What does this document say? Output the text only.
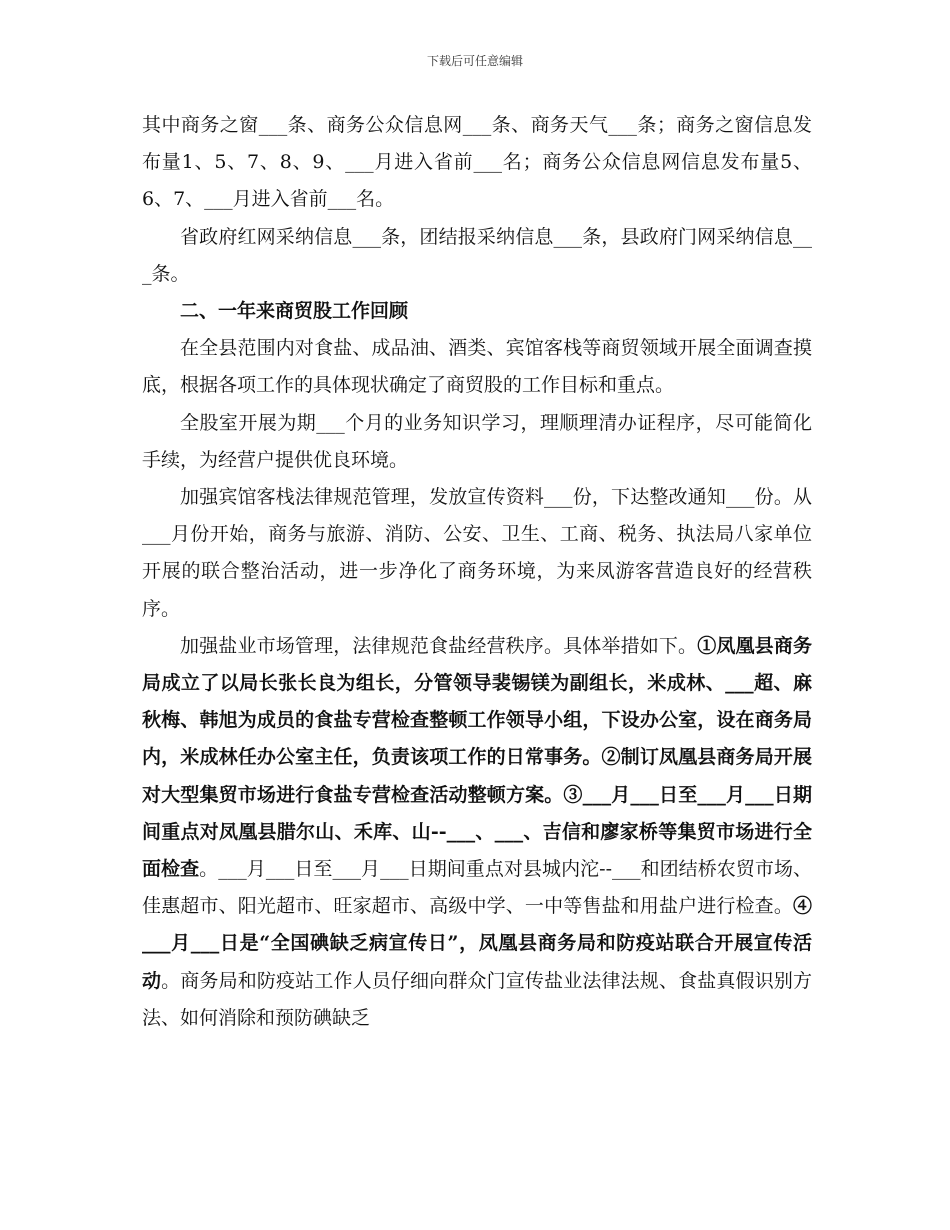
下载后可任意编辑

其中商务之窗___条、商务公众信息网___条、商务天气___条；商务之窗信息发布量1、5、7、8、9、___月进入省前___名；商务公众信息网信息发布量5、6、7、___月进入省前___名。

省政府红网采纳信息___条，团结报采纳信息___条，县政府门网采纳信息___条。

二、一年来商贸股工作回顾

在全县范围内对食盐、成品油、酒类、宾馆客栈等商贸领域开展全面调查摸底，根据各项工作的具体现状确定了商贸股的工作目标和重点。

全股室开展为期___个月的业务知识学习，理顺理清办证程序，尽可能简化手续，为经营户提供优良环境。

加强宾馆客栈法律规范管理，发放宣传资料___份，下达整改通知___份。从___月份开始，商务与旅游、消防、公安、卫生、工商、税务、执法局八家单位开展的联合整治活动，进一步净化了商务环境，为来凤游客营造良好的经营秩序。

加强盐业市场管理，法律规范食盐经营秩序。具体举措如下。①凤凰县商务局成立了以局长张长良为组长，分管领导裴锡镁为副组长，米成林、___超、麻秋梅、韩旭为成员的食盐专营检查整顿工作领导小组，下设办公室，设在商务局内，米成林任办公室主任，负责该项工作的日常事务。②制订凤凰县商务局开展对大型集贸市场进行食盐专营检查活动整顿方案。③___月___日至___月___日期间重点对凤凰县腊尔山、禾库、山--___、___、吉信和廖家桥等集贸市场进行全面检查。___月___日至___月___日期间重点对县城内沱--___和团结桥农贸市场、佳惠超市、阳光超市、旺家超市、高级中学、一中等售盐和用盐户进行检查。④___月___日是“全国碘缺乏病宣传日”，凤凰县商务局和防疫站联合开展宣传活动。商务局和防疫站工作人员仔细向群众门宣传盐业法律法规、食盐真假识别方法、如何消除和预防碘缺乏
